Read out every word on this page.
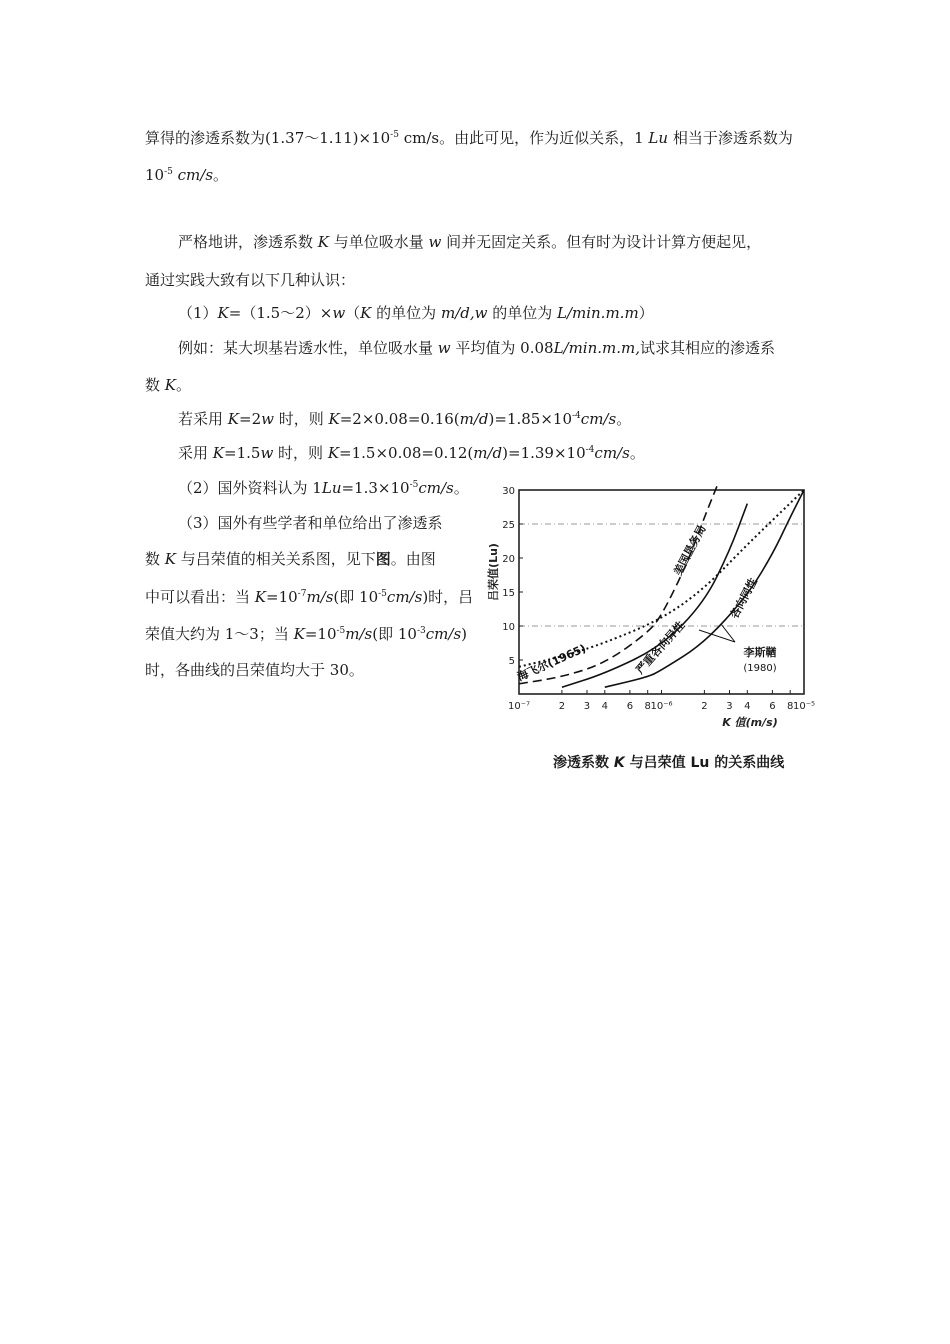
算得的渗透系数为$(1.37\sim 1.11)\times 10^{-5}$ cm/s。由此可见，作为近似关系，1 Lu 相当于渗透系数为
$10^{-5}$ cm/s。
严格地讲，渗透系数 K 与单位吸水量 w 间并无固定关系。但有时为设计计算方便起见，
通过实践大致有以下几种认识：
（1）K=（1.5～2）×w（K 的单位为 m/d,w 的单位为 L/min.m.m）
例如：某大坝基岩透水性，单位吸水量 w 平均值为 0.08L/min.m.m,试求其相应的渗透系
数 K。
若采用 K=2w 时，则 $K=2\times 0.08=0.16(m/d)=1.85\times 10^{-4}cm/s$。
采用 K=1.5w 时，则 $K=1.5\times 0.08=0.12(m/d)=1.39\times 10^{-4}cm/s$。
（2）国外资料认为 $1Lu=1.3\times 10^{-5}cm/s$。
（3）国外有些学者和单位给出了渗透系
数 K 与吕荣值的相关关系图，见下图。由图
中可以看出：当 $K=10^{-7}m/s$(即 $10^{-5}cm/s$)时，吕
荣值大约为 1～3；当 $K=10^{-5}m/s$(即 $10^{-3}cm/s$)
时，各曲线的吕荣值均大于 30。	5
10
15
20
25
30
10⁻⁷	2 3 4 6 8 10⁻⁶	2 3 4 6 8 10⁻⁵
K 值(m/s)
吕荣值(Lu)
海飞尔(1965)
美国垦务局
严重各向异性
各向同性
李斯鞧
(1980)
渗透系数 K 与吕荣值 Lu 的关系曲线
